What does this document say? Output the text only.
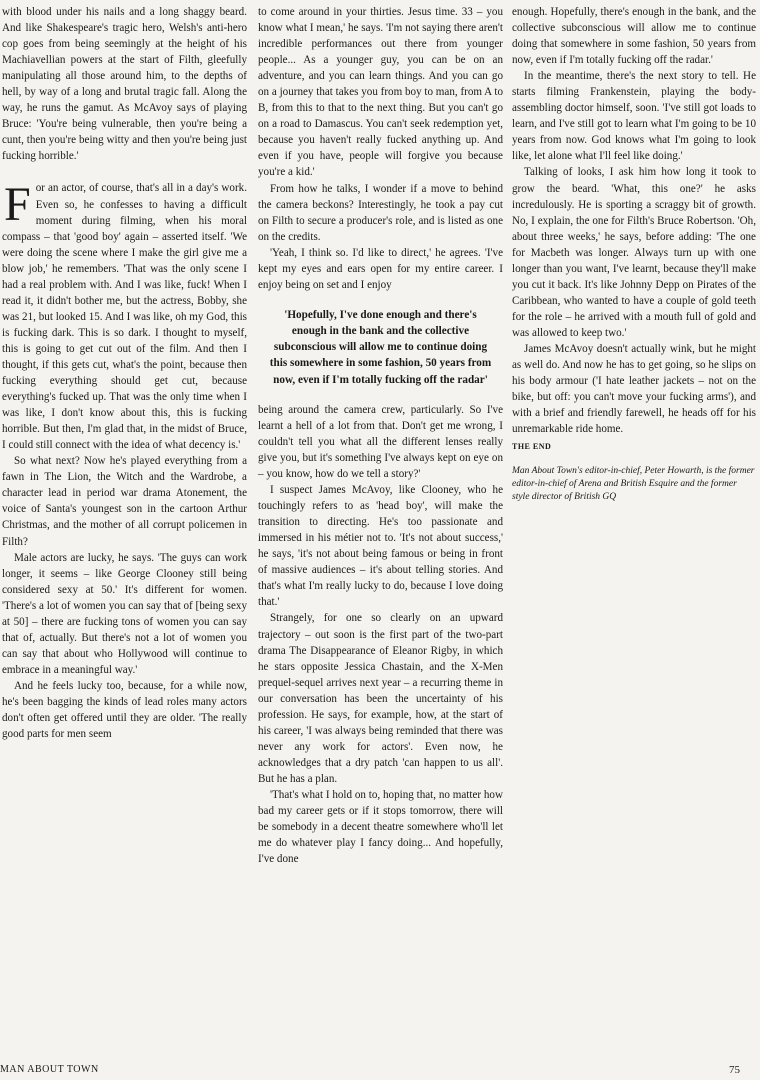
with blood under his nails and a long shaggy beard. And like Shakespeare's tragic hero, Welsh's anti-hero cop goes from being seemingly at the height of his Machiavellian powers at the start of Filth, gleefully manipulating all those around him, to the depths of hell, by way of a long and brutal tragic fall. Along the way, he runs the gamut. As McAvoy says of playing Bruce: 'You're being vulnerable, then you're being a cunt, then you're being witty and then you're being just fucking horrible.'

F or an actor, of course, that's all in a day's work. Even so, he confesses to having a difficult moment during filming, when his moral compass – that 'good boy' again – asserted itself. 'We were doing the scene where I make the girl give me a blow job,' he remembers. 'That was the only scene I had a real problem with. And I was like, fuck! When I read it, it didn't bother me, but the actress, Bobby, she was 21, but looked 15. And I was like, oh my God, this is fucking dark. This is so dark. I thought to myself, this is going to get cut out of the film. And then I thought, if this gets cut, what's the point, because then fucking everything should get cut, because everything's fucked up. That was the only time when I was like, I don't know about this, this is fucking horrible. But then, I'm glad that, in the midst of Bruce, I could still connect with the idea of what decency is.'

So what next? Now he's played everything from a fawn in The Lion, the Witch and the Wardrobe, a character lead in period war drama Atonement, the voice of Santa's youngest son in the cartoon Arthur Christmas, and the mother of all corrupt policemen in Filth?

Male actors are lucky, he says. 'The guys can work longer, it seems – like George Clooney still being considered sexy at 50.' It's different for women. 'There's a lot of women you can say that of [being sexy at 50] – there are fucking tons of women you can say that of, actually. But there's not a lot of women you can say that about who Hollywood will continue to embrace in a meaningful way.'

And he feels lucky too, because, for a while now, he's been bagging the kinds of lead roles many actors don't often get offered until they are older. 'The really good parts for men seem

to come around in your thirties. Jesus time. 33 – you know what I mean,' he says. 'I'm not saying there aren't incredible performances out there from younger people... As a younger guy, you can be on an adventure, and you can learn things. And you can go on a journey that takes you from boy to man, from A to B, from this to that to the next thing. But you can't go on a road to Damascus. You can't seek redemption yet, because you haven't really fucked anything up. And even if you have, people will forgive you because you're a kid.'

From how he talks, I wonder if a move to behind the camera beckons? Interestingly, he took a pay cut on Filth to secure a producer's role, and is listed as one on the credits.

'Yeah, I think so. I'd like to direct,' he agrees. 'I've kept my eyes and ears open for my entire career. I enjoy being on set and I enjoy

'Hopefully, I've done enough and there's enough in the bank and the collective subconscious will allow me to continue doing this somewhere in some fashion, 50 years from now, even if I'm totally fucking off the radar'

being around the camera crew, particularly. So I've learnt a hell of a lot from that. Don't get me wrong, I couldn't tell you what all the different lenses really give you, but it's something I've always kept on eye on – you know, how do we tell a story?'

I suspect James McAvoy, like Clooney, who he touchingly refers to as 'head boy', will make the transition to directing. He's too passionate and immersed in his métier not to. 'It's not about success,' he says, 'it's not about being famous or being in front of massive audiences – it's about telling stories. And that's what I'm really lucky to do, because I love doing that.'

Strangely, for one so clearly on an upward trajectory – out soon is the first part of the two-part drama The Disappearance of Eleanor Rigby, in which he stars opposite Jessica Chastain, and the X-Men prequel-sequel arrives next year – a recurring theme in our conversation has been the uncertainty of his profession. He says, for example, how, at the start of his career, 'I was always being reminded that there was never any work for actors'. Even now, he acknowledges that a dry patch 'can happen to us all'. But he has a plan.

'That's what I hold on to, hoping that, no matter how bad my career gets or if it stops tomorrow, there will be somebody in a decent theatre somewhere who'll let me do whatever play I fancy doing... And hopefully, I've done

enough. Hopefully, there's enough in the bank, and the collective subconscious will allow me to continue doing that somewhere in some fashion, 50 years from now, even if I'm totally fucking off the radar.'

In the meantime, there's the next story to tell. He starts filming Frankenstein, playing the body-assembling doctor himself, soon. 'I've still got loads to learn, and I've still got to learn what I'm going to be 10 years from now. God knows what I'm going to look like, let alone what I'll feel like doing.'

Talking of looks, I ask him how long it took to grow the beard. 'What, this one?' he asks incredulously. He is sporting a scraggy bit of growth. No, I explain, the one for Filth's Bruce Robertson. 'Oh, about three weeks,' he says, before adding: 'The one for Macbeth was longer. Always turn up with one longer than you want, I've learnt, because they'll make you cut it back. It's like Johnny Depp on Pirates of the Caribbean, who wanted to have a couple of gold teeth for the role – he arrived with a mouth full of gold and was allowed to keep two.'

James McAvoy doesn't actually wink, but he might as well do. And now he has to get going, so he slips on his body armour ('I hate leather jackets – not on the bike, but off: you can't move your fucking arms'), and with a brief and friendly farewell, he heads off for his unremarkable ride home.

THE END
Man About Town's editor-in-chief, Peter Howarth, is the former editor-in-chief of Arena and British Esquire and the former style director of British GQ
MAN ABOUT TOWN	75
